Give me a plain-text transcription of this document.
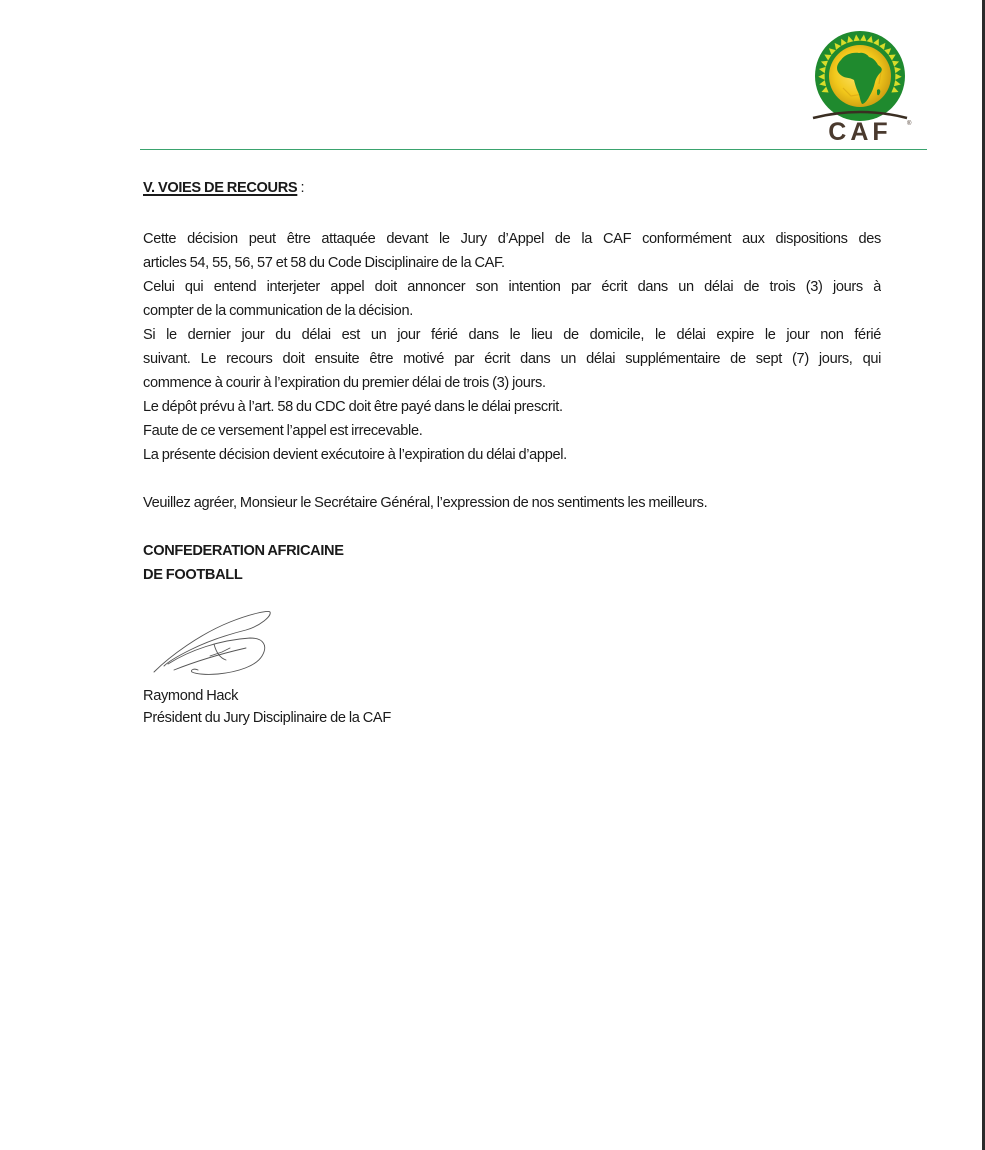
CAF	®
V. VOIES DE RECOURS :
Cette décision peut être attaquée devant le Jury d’Appel de la CAF conformément aux dispositions des
articles 54, 55, 56, 57 et 58 du Code Disciplinaire de la CAF.
Celui qui entend interjeter appel doit annoncer son intention par écrit dans un délai de trois (3) jours à
compter de la communication de la décision.
Si le dernier jour du délai est un jour férié dans le lieu de domicile, le délai expire le jour non férié
suivant. Le recours doit ensuite être motivé par écrit dans un délai supplémentaire de sept (7) jours, qui
commence à courir à l’expiration du premier délai de trois (3) jours.
Le dépôt prévu à l’art. 58 du CDC doit être payé dans le délai prescrit.
Faute de ce versement l’appel est irrecevable.
La présente décision devient exécutoire à l’expiration du délai d’appel.
Veuillez agréer, Monsieur le Secrétaire Général, l’expression de nos sentiments les meilleurs.
CONFEDERATION AFRICAINE
DE FOOTBALL
Raymond Hack
Président du Jury Disciplinaire de la CAF
